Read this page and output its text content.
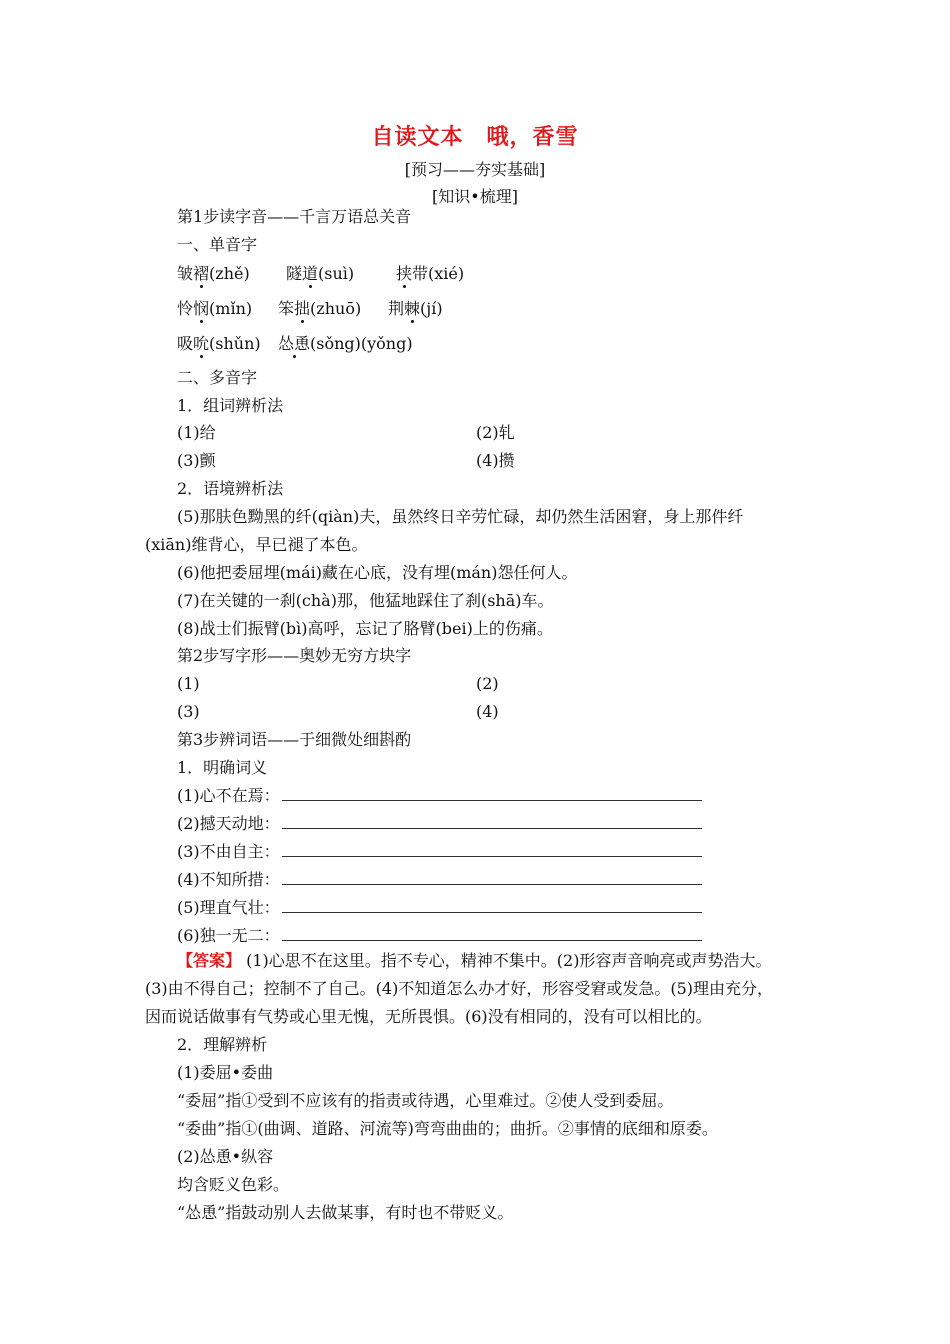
自读文本　哦，香雪
[预习——夯实基础]
[知识•梳理]
第1步读字音——千言万语总关音
一、单音字
皱褶(zhě) 隧道(suì)	挟带(xié)
怜悯(mǐn) 笨拙(zhuō) 荆棘(jí)
吸吮(shǔn) 怂恿(sǒng)(yǒng)
二、多音字
1．组词辨析法
(1)给	(2)轧
(3)颤	(4)攒
2．语境辨析法
(5)那肤色黝黑的纤(qiàn)夫，虽然终日辛劳忙碌，却仍然生活困窘，身上那件纤
(xiān)维背心，早已褪了本色。
(6)他把委屈埋(mái)藏在心底，没有埋(mán)怨任何人。
(7)在关键的一刹(chà)那，他猛地踩住了刹(shā)车。
(8)战士们振臂(bì)高呼，忘记了胳臂(bei)上的伤痛。
第2步写字形——奥妙无穷方块字
(1)	(2)
(3)	(4)
第3步辨词语——于细微处细斟酌
1．明确词义
(1)心不在焉：
(2)撼天动地：
(3)不由自主：
(4)不知所措：
(5)理直气壮：
(6)独一无二：
【答案】 (1)心思不在这里。指不专心，精神不集中。(2)形容声音响亮或声势浩大。
(3)由不得自己；控制不了自己。(4)不知道怎么办才好，形容受窘或发急。(5)理由充分，
因而说话做事有气势或心里无愧，无所畏惧。(6)没有相同的，没有可以相比的。
2．理解辨析
(1)委屈•委曲
“委屈”指①受到不应该有的指责或待遇，心里难过。②使人受到委屈。
“委曲”指①(曲调、道路、河流等)弯弯曲曲的；曲折。②事情的底细和原委。
(2)怂恿•纵容
均含贬义色彩。
“怂恿”指鼓动别人去做某事，有时也不带贬义。
